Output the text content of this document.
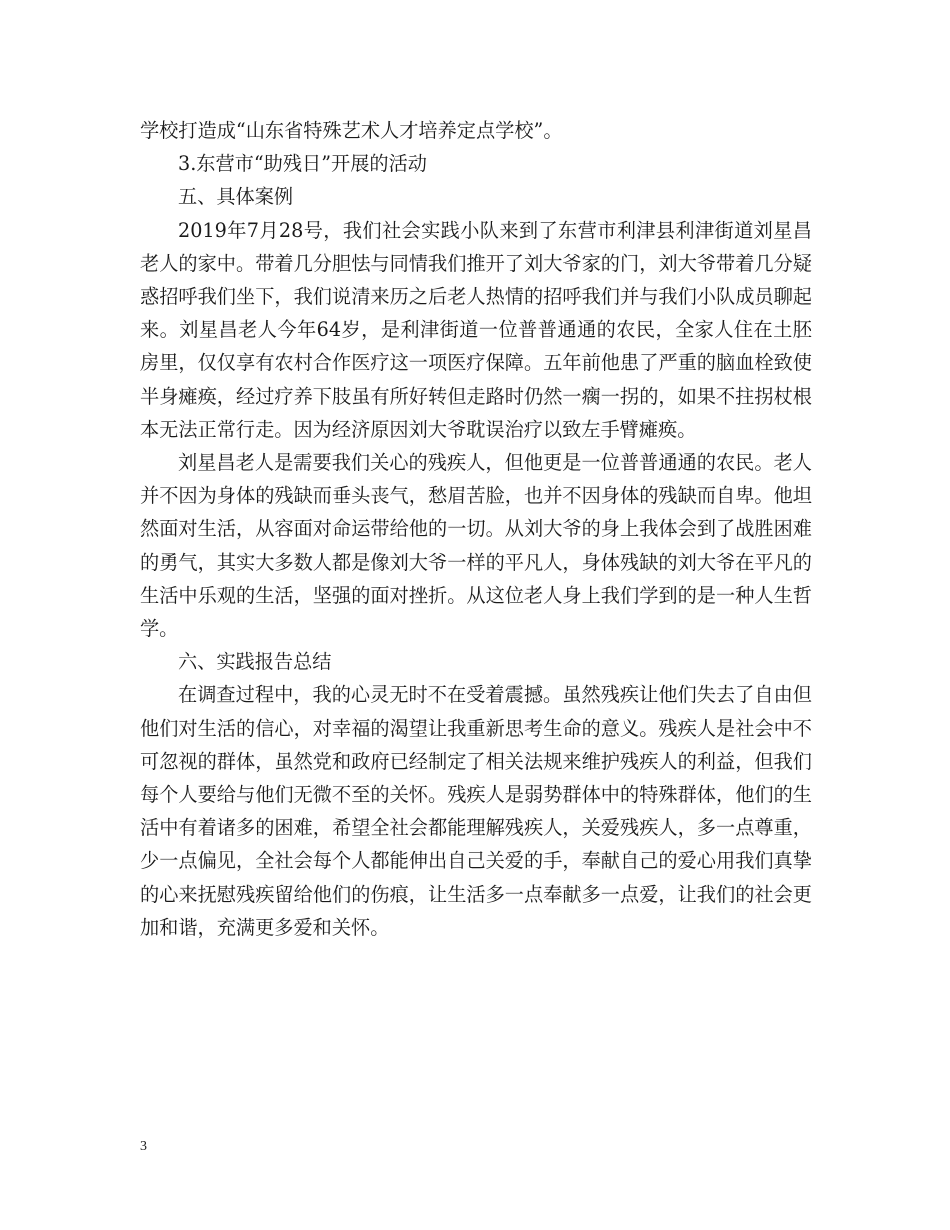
学校打造成“山东省特殊艺术人才培养定点学校”。

3.东营市“助残日”开展的活动

五、具体案例

2019年7月28号，我们社会实践小队来到了东营市利津县利津街道刘星昌老人的家中。带着几分胆怯与同情我们推开了刘大爷家的门，刘大爷带着几分疑惑招呼我们坐下，我们说清来历之后老人热情的招呼我们并与我们小队成员聊起来。刘星昌老人今年64岁，是利津街道一位普普通通的农民，全家人住在土胚房里，仅仅享有农村合作医疗这一项医疗保障。五年前他患了严重的脑血栓致使半身瘫痪，经过疗养下肢虽有所好转但走路时仍然一瘸一拐的，如果不拄拐杖根本无法正常行走。因为经济原因刘大爷耽误治疗以致左手臂瘫痪。

刘星昌老人是需要我们关心的残疾人，但他更是一位普普通通的农民。老人并不因为身体的残缺而垂头丧气，愁眉苦脸，也并不因身体的残缺而自卑。他坦然面对生活，从容面对命运带给他的一切。从刘大爷的身上我体会到了战胜困难的勇气，其实大多数人都是像刘大爷一样的平凡人，身体残缺的刘大爷在平凡的生活中乐观的生活，坚强的面对挫折。从这位老人身上我们学到的是一种人生哲学。

六、实践报告总结

在调查过程中，我的心灵无时不在受着震撼。虽然残疾让他们失去了自由但他们对生活的信心，对幸福的渴望让我重新思考生命的意义。残疾人是社会中不可忽视的群体，虽然党和政府已经制定了相关法规来维护残疾人的利益，但我们每个人要给与他们无微不至的关怀。残疾人是弱势群体中的特殊群体，他们的生活中有着诸多的困难，希望全社会都能理解残疾人，关爱残疾人，多一点尊重，少一点偏见，全社会每个人都能伸出自己关爱的手，奉献自己的爱心用我们真挚的心来抚慰残疾留给他们的伤痕，让生活多一点奉献多一点爱，让我们的社会更加和谐，充满更多爱和关怀。

3
